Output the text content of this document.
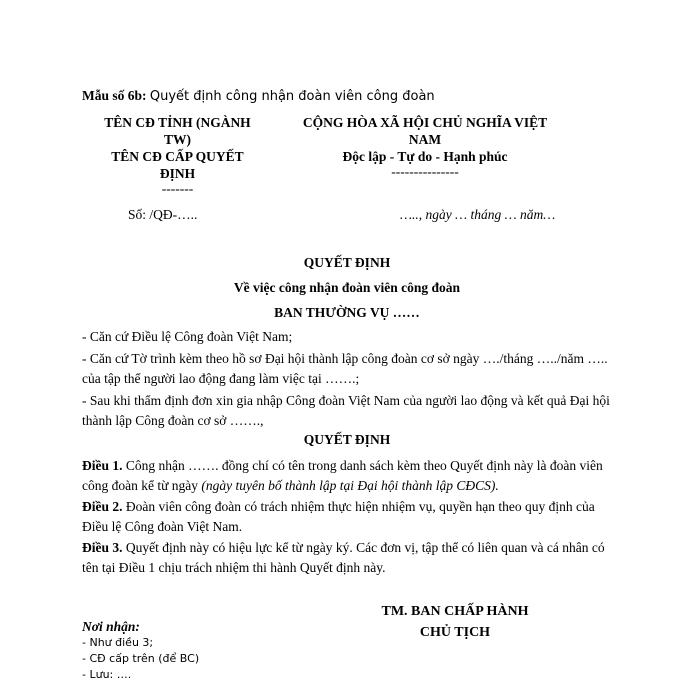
Mẫu số 6b: Quyết định công nhận đoàn viên công đoàn
TÊN CĐ TỈNH (NGÀNH
TW)
TÊN CĐ CẤP QUYẾT
ĐỊNH
-------
CỘNG HÒA XÃ HỘI CHỦ NGHĨA VIỆT
NAM
Độc lập - Tự do - Hạnh phúc
---------------
Số: /QĐ-…..	….., ngày … tháng … năm…
QUYẾT ĐỊNH
Về việc công nhận đoàn viên công đoàn
BAN THƯỜNG VỤ ……
- Căn cứ Điều lệ Công đoàn Việt Nam;
- Căn cứ Tờ trình kèm theo hồ sơ Đại hội thành lập công đoàn cơ sở ngày …./tháng …../năm ….. của tập thể người lao động đang làm việc tại …….;
- Sau khi thẩm định đơn xin gia nhập Công đoàn Việt Nam của người lao động và kết quả Đại hội thành lập Công đoàn cơ sở …….,
QUYẾT ĐỊNH
Điều 1. Công nhận ……. đồng chí có tên trong danh sách kèm theo Quyết định này là đoàn viên công đoàn kể từ ngày (ngày tuyên bố thành lập tại Đại hội thành lập CĐCS).
Điều 2. Đoàn viên công đoàn có trách nhiệm thực hiện nhiệm vụ, quyền hạn theo quy định của Điều lệ Công đoàn Việt Nam.
Điều 3. Quyết định này có hiệu lực kể từ ngày ký. Các đơn vị, tập thể có liên quan và cá nhân có tên tại Điều 1 chịu trách nhiệm thi hành Quyết định này.
TM. BAN CHẤP HÀNH
CHỦ TỊCH
Nơi nhận:
- Như điều 3;
- CĐ cấp trên (để BC)
- Lưu: ….
